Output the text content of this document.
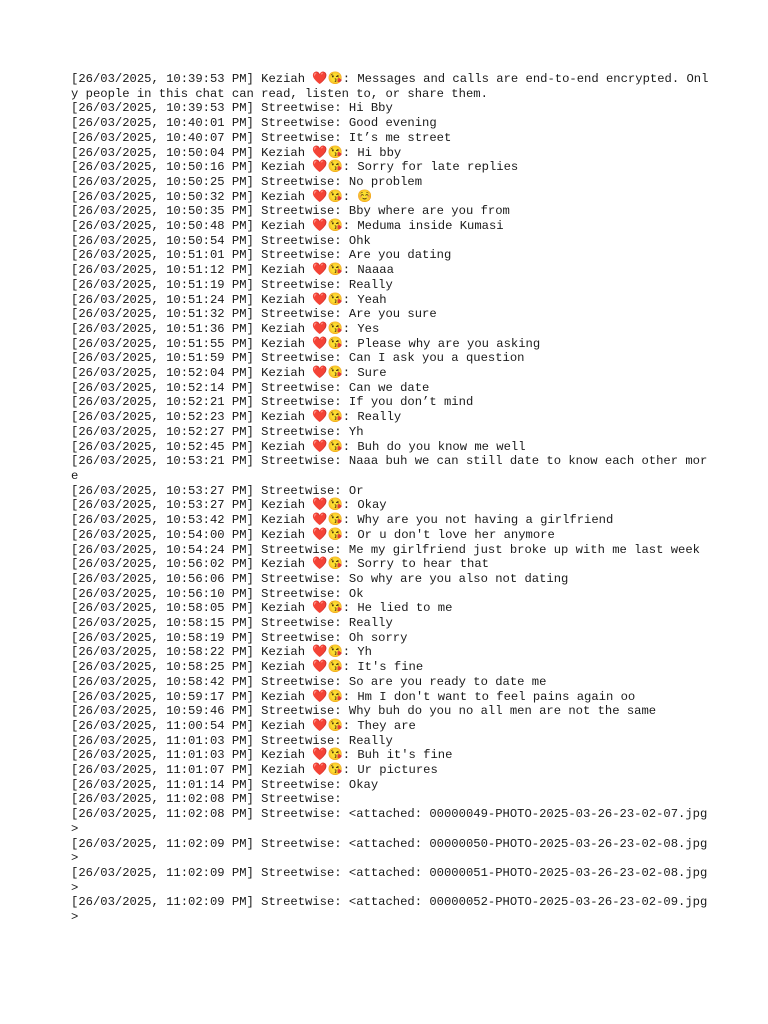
[26/03/2025, 10:39:53 PM] Keziah ❤️😘: Messages and calls are end-to-end encrypted. Only people in this chat can read, listen to, or share them.
[26/03/2025, 10:39:53 PM] Streetwise: Hi Bby
[26/03/2025, 10:40:01 PM] Streetwise: Good evening
[26/03/2025, 10:40:07 PM] Streetwise: It’s me street
[26/03/2025, 10:50:04 PM] Keziah ❤️😘: Hi bby
[26/03/2025, 10:50:16 PM] Keziah ❤️😘: Sorry for late replies
[26/03/2025, 10:50:25 PM] Streetwise: No problem
[26/03/2025, 10:50:32 PM] Keziah ❤️😘: ☺️
[26/03/2025, 10:50:35 PM] Streetwise: Bby where are you from
[26/03/2025, 10:50:48 PM] Keziah ❤️😘: Meduma inside Kumasi
[26/03/2025, 10:50:54 PM] Streetwise: Ohk
[26/03/2025, 10:51:01 PM] Streetwise: Are you dating
[26/03/2025, 10:51:12 PM] Keziah ❤️😘: Naaaa
[26/03/2025, 10:51:19 PM] Streetwise: Really
[26/03/2025, 10:51:24 PM] Keziah ❤️😘: Yeah
[26/03/2025, 10:51:32 PM] Streetwise: Are you sure
[26/03/2025, 10:51:36 PM] Keziah ❤️😘: Yes
[26/03/2025, 10:51:55 PM] Keziah ❤️😘: Please why are you asking
[26/03/2025, 10:51:59 PM] Streetwise: Can I ask you a question
[26/03/2025, 10:52:04 PM] Keziah ❤️😘: Sure
[26/03/2025, 10:52:14 PM] Streetwise: Can we date
[26/03/2025, 10:52:21 PM] Streetwise: If you don’t mind
[26/03/2025, 10:52:23 PM] Keziah ❤️😘: Really
[26/03/2025, 10:52:27 PM] Streetwise: Yh
[26/03/2025, 10:52:45 PM] Keziah ❤️😘: Buh do you know me well
[26/03/2025, 10:53:21 PM] Streetwise: Naaa buh we can still date to know each other more
[26/03/2025, 10:53:27 PM] Streetwise: Or
[26/03/2025, 10:53:27 PM] Keziah ❤️😘: Okay
[26/03/2025, 10:53:42 PM] Keziah ❤️😘: Why are you not having a girlfriend
[26/03/2025, 10:54:00 PM] Keziah ❤️😘: Or u don't love her anymore
[26/03/2025, 10:54:24 PM] Streetwise: Me my girlfriend just broke up with me last week
[26/03/2025, 10:56:02 PM] Keziah ❤️😘: Sorry to hear that
[26/03/2025, 10:56:06 PM] Streetwise: So why are you also not dating
[26/03/2025, 10:56:10 PM] Streetwise: Ok
[26/03/2025, 10:58:05 PM] Keziah ❤️😘: He lied to me
[26/03/2025, 10:58:15 PM] Streetwise: Really
[26/03/2025, 10:58:19 PM] Streetwise: Oh sorry
[26/03/2025, 10:58:22 PM] Keziah ❤️😘: Yh
[26/03/2025, 10:58:25 PM] Keziah ❤️😘: It's fine
[26/03/2025, 10:58:42 PM] Streetwise: So are you ready to date me
[26/03/2025, 10:59:17 PM] Keziah ❤️😘: Hm I don't want to feel pains again oo
[26/03/2025, 10:59:46 PM] Streetwise: Why buh do you no all men are not the same
[26/03/2025, 11:00:54 PM] Keziah ❤️😘: They are
[26/03/2025, 11:01:03 PM] Streetwise: Really
[26/03/2025, 11:01:03 PM] Keziah ❤️😘: Buh it's fine
[26/03/2025, 11:01:07 PM] Keziah ❤️😘: Ur pictures
[26/03/2025, 11:01:14 PM] Streetwise: Okay
[26/03/2025, 11:02:08 PM] Streetwise:
[26/03/2025, 11:02:08 PM] Streetwise: <attached: 00000049-PHOTO-2025-03-26-23-02-07.jpg>
[26/03/2025, 11:02:09 PM] Streetwise: <attached: 00000050-PHOTO-2025-03-26-23-02-08.jpg>
[26/03/2025, 11:02:09 PM] Streetwise: <attached: 00000051-PHOTO-2025-03-26-23-02-08.jpg>
[26/03/2025, 11:02:09 PM] Streetwise: <attached: 00000052-PHOTO-2025-03-26-23-02-09.jpg>
